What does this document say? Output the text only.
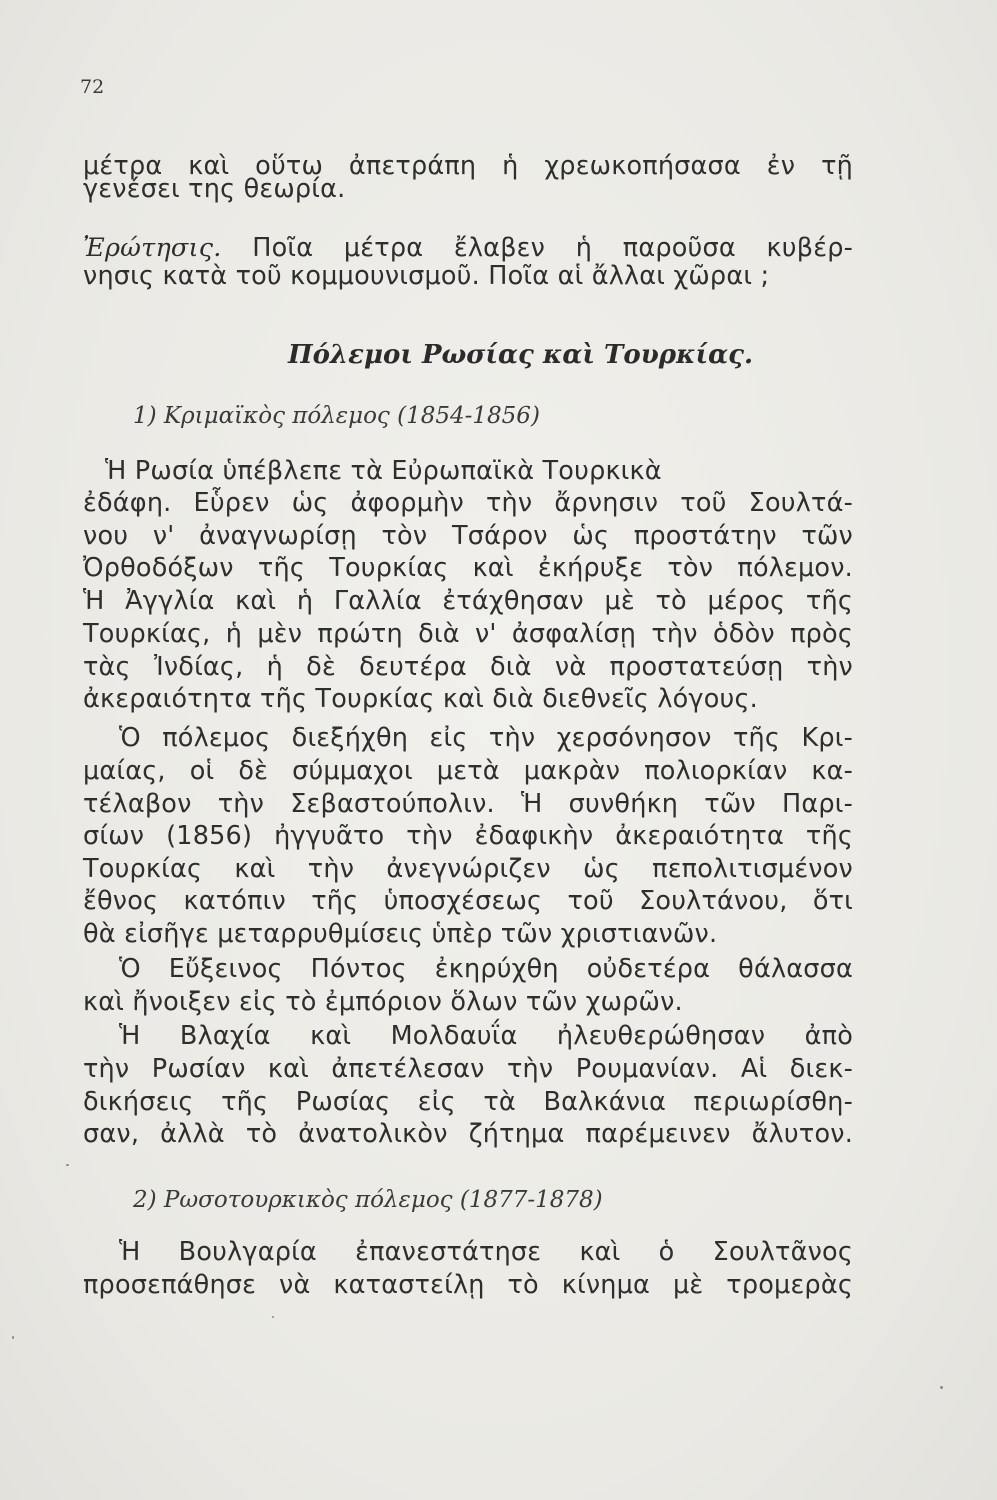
72
μέτρα καὶ οὕτω ἀπετράπη ἡ χρεωκοπήσασα ἐν τῇ
γενέσει της θεωρία.
Ἐρώτησις. Ποῖα μέτρα ἔλαβεν ἡ παροῦσα κυβέρ-
νησις κατὰ τοῦ κομμουνισμοῦ. Ποῖα αἱ ἄλλαι χῶραι ;
Ἡ Ρωσία ὑπέβλεπε τὰ Εὐρωπαϊκὰ Τουρκικὰ
ἐδάφη. Εὗρεν ὡς ἀφορμὴν τὴν ἄρνησιν τοῦ Σουλτά-
νου ν' ἀναγνωρίσῃ τὸν Τσάρον ὡς προστάτην τῶν
Ὀρθοδόξων τῆς Τουρκίας καὶ ἐκήρυξε τὸν πόλεμον.
Ἡ Ἀγγλία καὶ ἡ Γαλλία ἐτάχθησαν μὲ τὸ μέρος τῆς
Τουρκίας, ἡ μὲν πρώτη διὰ ν' ἀσφαλίσῃ τὴν ὁδὸν πρὸς
τὰς Ἰνδίας, ἡ δὲ δευτέρα διὰ νὰ προστατεύσῃ τὴν
ἀκεραιότητα τῆς Τουρκίας καὶ διὰ διεθνεῖς λόγους.
Ὁ πόλεμος διεξήχθη εἰς τὴν χερσόνησον τῆς Κρι-
μαίας, οἱ δὲ σύμμαχοι μετὰ μακρὰν πολιορκίαν κα-
τέλαβον τὴν Σεβαστούπολιν. Ἡ συνθήκη τῶν Παρι-
σίων (1856) ἠγγυᾶτο τὴν ἐδαφικὴν ἀκεραιότητα τῆς
Τουρκίας καὶ τὴν ἀνεγνώριζεν ὡς πεπολιτισμένον
ἔθνος κατόπιν τῆς ὑποσχέσεως τοῦ Σουλτάνου, ὅτι
θὰ εἰσῆγε μεταρρυθμίσεις ὑπὲρ τῶν χριστιανῶν.
Ὁ Εὔξεινος Πόντος ἐκηρύχθη οὐδετέρα θάλασσα
καὶ ἤνοιξεν εἰς τὸ ἐμπόριον ὅλων τῶν χωρῶν.
Ἡ Βλαχία καὶ Μολδαυΐα ἠλευθερώθησαν ἀπὸ
τὴν Ρωσίαν καὶ ἀπετέλεσαν τὴν Ρουμανίαν. Αἱ διεκ-
δικήσεις τῆς Ρωσίας εἰς τὰ Βαλκάνια περιωρίσθη-
σαν, ἀλλὰ τὸ ἀνατολικὸν ζήτημα παρέμεινεν ἄλυτον.
Ἡ Βουλγαρία ἐπανεστάτησε καὶ ὁ Σουλτᾶνος
προσεπάθησε νὰ καταστείλῃ τὸ κίνημα μὲ τρομερὰς
Πόλεμοι Ρωσίας καὶ Τουρκίας.
1) Κριμαϊκὸς πόλεμος (1854-1856)
2) Ρωσοτουρκικὸς πόλεμος (1877-1878)
